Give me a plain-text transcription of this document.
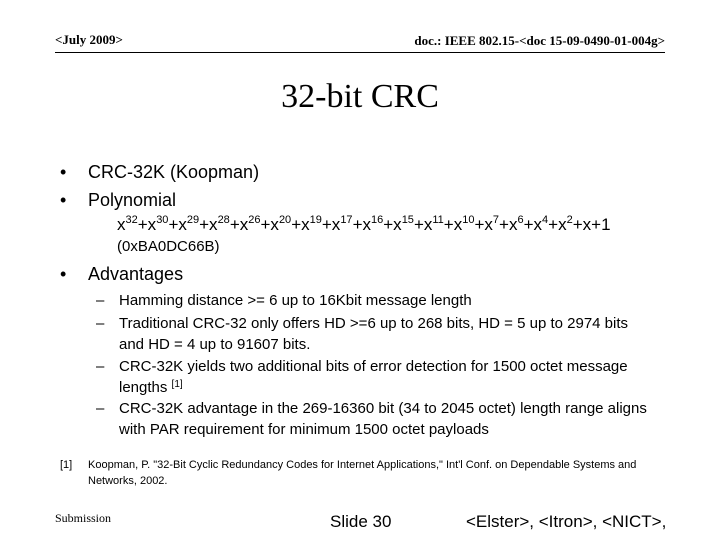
<July 2009>	doc.: IEEE 802.15-<doc 15-09-0490-01-004g>
32-bit CRC
• CRC-32K (Koopman)
• Polynomial
$x^{32}+x^{30}+x^{29}+x^{28}+x^{26}+x^{20}+x^{19}+x^{17}+x^{16}+x^{15}+x^{11}+x^{10}+x^7+x^6+x^4+x^2+x+1$
(0xBA0DC66B)
• Advantages
– Hamming distance >= 6 up to 16Kbit message length
– Traditional CRC-32 only offers HD >=6 up to 268 bits, HD = 5 up to 2974 bits and HD = 4 up to 91607 bits.
– CRC-32K yields two additional bits of error detection for 1500 octet message lengths [1]
– CRC-32K advantage in the 269-16360 bit (34 to 2045 octet) length range aligns with PAR requirement for minimum 1500 octet payloads
[1] Koopman, P. "32-Bit Cyclic Redundancy Codes for Internet Applications," Int'l Conf. on Dependable Systems and Networks, 2002.
Submission	Slide 30	<Elster>, <Itron>, <NICT>,
